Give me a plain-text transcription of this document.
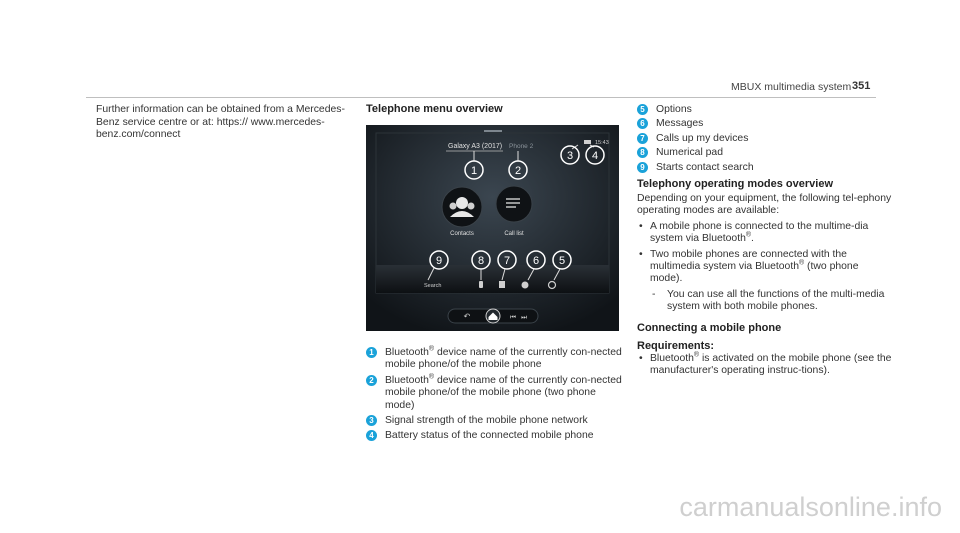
MBUX multimedia system 351
Further information can be obtained from a Mercedes-Benz service centre or at: https:// www.mercedes-benz.com/connect
Telephone menu overview
Galaxy A3 (2017) Phone 2	15:43
1	2
3 4
Contacts	Call list
9	8 7 6 5
Search
↶	⏮ ⏭
1	Bluetooth® device name of the currently con-nected mobile phone/of the mobile phone
2	Bluetooth® device name of the currently con-nected mobile phone/of the mobile phone (two phone mode)
3	Signal strength of the mobile phone network
4	Battery status of the connected mobile phone
5	Options
6	Messages
7	Calls up my devices
8	Numerical pad
9	Starts contact search
Telephony operating modes overview
Depending on your equipment, the following tel-ephony operating modes are available:
• A mobile phone is connected to the multime-dia system via Bluetooth®.
• Two mobile phones are connected with the multimedia system via Bluetooth® (two phone mode).
- You can use all the functions of the multi-media system with both mobile phones.
Connecting a mobile phone
Requirements:
• Bluetooth® is activated on the mobile phone (see the manufacturer's operating instruc-tions).
carmanualsonline.info
